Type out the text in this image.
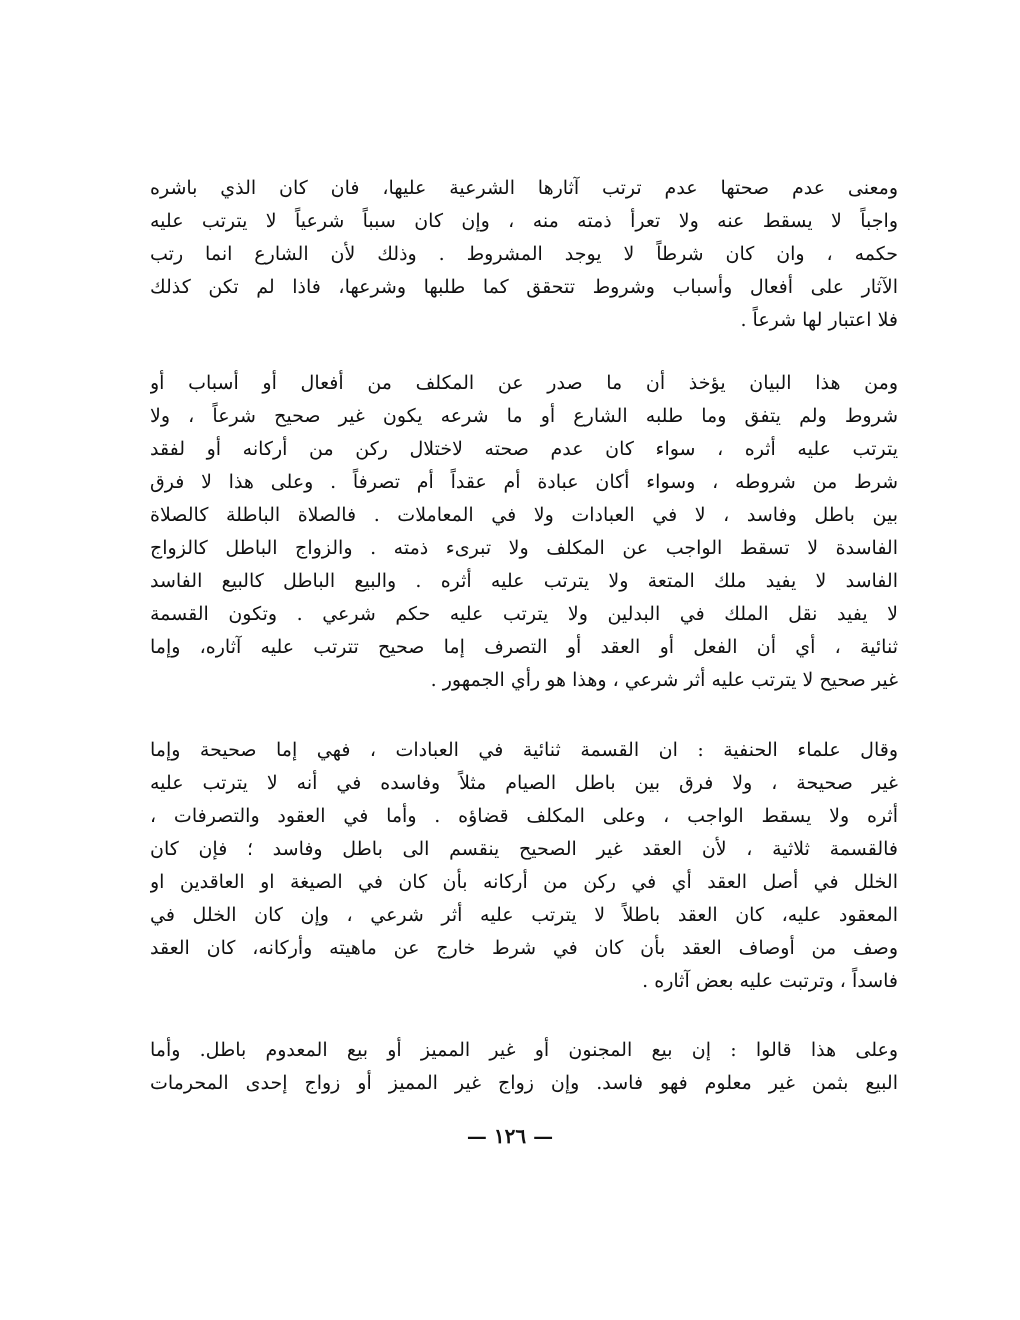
ومعنى عدم صحتها عدم ترتب آثارها الشرعية عليها، فان كان الذي باشره
واجباً لا يسقط عنه ولا تعرأ ذمته منه ، وإن كان سبباً شرعياً لا يترتب عليه
حكمه ، وان كان شرطاً لا يوجد المشروط . وذلك لأن الشارع انما رتب
الآثار على أفعال وأسباب وشروط تتحقق كما طلبها وشرعها، فاذا لم تكن كذلك
فلا اعتبار لها شرعاً .
ومن هذا البيان يؤخذ أن ما صدر عن المكلف من أفعال أو أسباب أو
شروط ولم يتفق وما طلبه الشارع أو ما شرعه يكون غير صحيح شرعاً ، ولا
يترتب عليه أثره ، سواء كان عدم صحته لاختلال ركن من أركانه أو لفقد
شرط من شروطه ، وسواء أكان عبادة أم عقداً أم تصرفاً . وعلى هذا لا فرق
بين باطل وفاسد ، لا في العبادات ولا في المعاملات . فالصلاة الباطلة كالصلاة
الفاسدة لا تسقط الواجب عن المكلف ولا تبرىء ذمته . والزواج الباطل كالزواج
الفاسد لا يفيد ملك المتعة ولا يترتب عليه أثره . والبيع الباطل كالبيع الفاسد
لا يفيد نقل الملك في البدلين ولا يترتب عليه حكم شرعي . وتكون القسمة
ثنائية ، أي أن الفعل أو العقد أو التصرف إما صحيح تترتب عليه آثاره، وإما
غير صحيح لا يترتب عليه أثر شرعي ، وهذا هو رأي الجمهور .
وقال علماء الحنفية : ان القسمة ثنائية في العبادات ، فهي إما صحيحة وإما
غير صحيحة ، ولا فرق بين باطل الصيام مثلاً وفاسده في أنه لا يترتب عليه
أثره ولا يسقط الواجب ، وعلى المكلف قضاؤه . وأما في العقود والتصرفات ،
فالقسمة ثلاثية ، لأن العقد غير الصحيح ينقسم الى باطل وفاسد ؛ فإن كان
الخلل في أصل العقد أي في ركن من أركانه بأن كان في الصيغة او العاقدين او
المعقود عليه، كان العقد باطلاً لا يترتب عليه أثر شرعي ، وإن كان الخلل في
وصف من أوصاف العقد بأن كان في شرط خارج عن ماهيته وأركانه، كان العقد
فاسداً ، وترتبت عليه بعض آثاره .
وعلى هذا قالوا : إن بيع المجنون أو غير المميز أو بيع المعدوم باطل. وأما
البيع بثمن غير معلوم فهو فاسد. وإن زواج غير المميز أو زواج إحدى المحرمات
— ١٢٦ —
